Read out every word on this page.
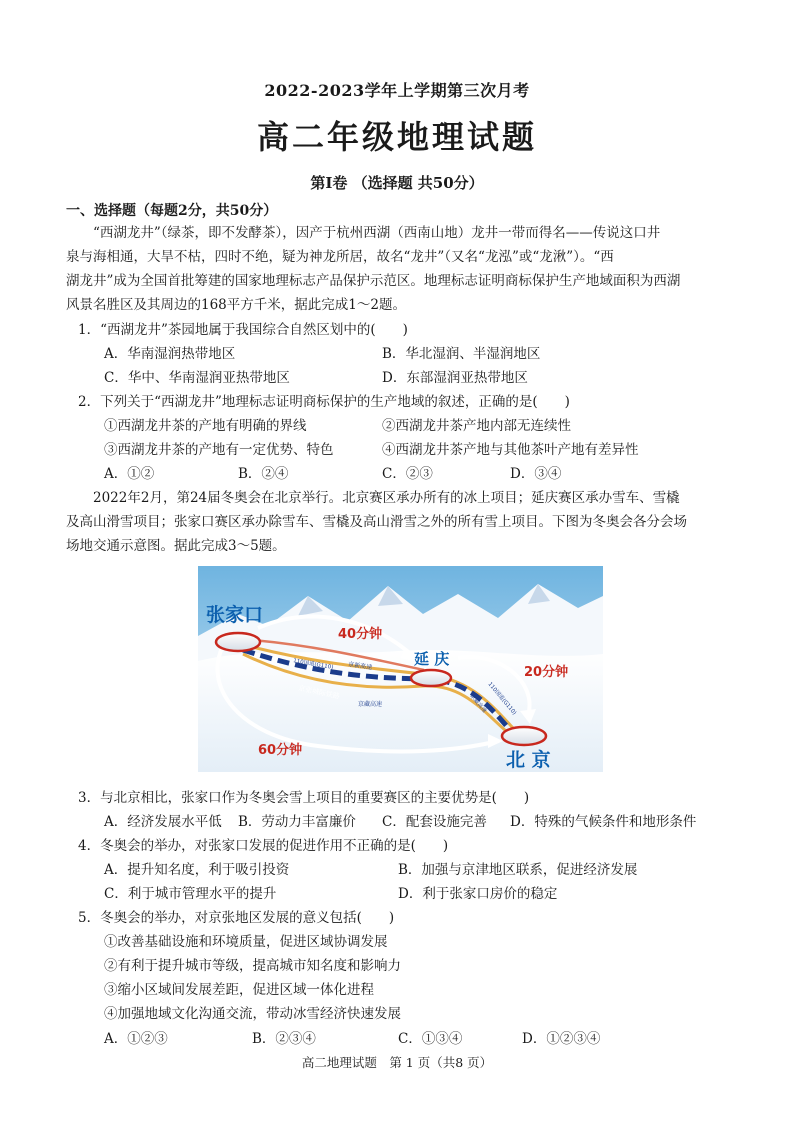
2022-2023学年上学期第三次月考
高二年级地理试题
第Ⅰ卷 （选择题 共50分）
一、选择题（每题2分，共50分）
“西湖龙井”（绿茶，即不发酵茶），因产于杭州西湖（西南山地）龙井一带而得名——传说这口井
泉与海相通，大旱不枯，四时不绝，疑为神龙所居，故名“龙井”（又名“龙泓”或“龙湫”）。“西
湖龙井”成为全国首批筹建的国家地理标志产品保护示范区。地理标志证明商标保护生产地域面积为西湖
风景名胜区及其周边的168平方千米，据此完成1～2题。
1．“西湖龙井”茶园地属于我国综合自然区划中的(　　)
A．华南湿润热带地区	B．华北湿润、半湿润地区
C．华中、华南湿润亚热带地区	D．东部湿润亚热带地区
2．下列关于“西湖龙井”地理标志证明商标保护的生产地域的叙述，正确的是(　　)
①西湖龙井茶的产地有明确的界线	②西湖龙井茶产地内部无连续性
③西湖龙井茶的产地有一定优势、特色	④西湖龙井茶产地与其他茶叶产地有差异性
A．①②	B．②④	C．②③	D．③④
2022年2月，第24届冬奥会在北京举行。北京赛区承办所有的冰上项目；延庆赛区承办雪车、雪橇
及高山滑雪项目；张家口赛区承办除雪车、雪橇及高山滑雪之外的所有雪上项目。下图为冬奥会各分会场
场地交通示意图。据此完成3～5题。
张家口
延 庆
北 京
40分钟
20分钟
60分钟
京张城际铁路
京新高速
京藏高速
110国道(G110)
110国道(G110)
京藏高速
3．与北京相比，张家口作为冬奥会雪上项目的重要赛区的主要优势是(　　)
A．经济发展水平低 B．劳动力丰富廉价 C．配套设施完善 D．特殊的气候条件和地形条件
4．冬奥会的举办，对张家口发展的促进作用不正确的是(　　)
A．提升知名度，利于吸引投资	B．加强与京津地区联系，促进经济发展
C．利于城市管理水平的提升	D．利于张家口房价的稳定
5．冬奥会的举办，对京张地区发展的意义包括(　　)
①改善基础设施和环境质量，促进区域协调发展
②有利于提升城市等级，提高城市知名度和影响力
③缩小区域间发展差距，促进区域一体化进程
④加强地域文化沟通交流，带动冰雪经济快速发展
A．①②③	B．②③④	C．①③④	D．①②③④
高二地理试题　第 1 页（共8 页）
